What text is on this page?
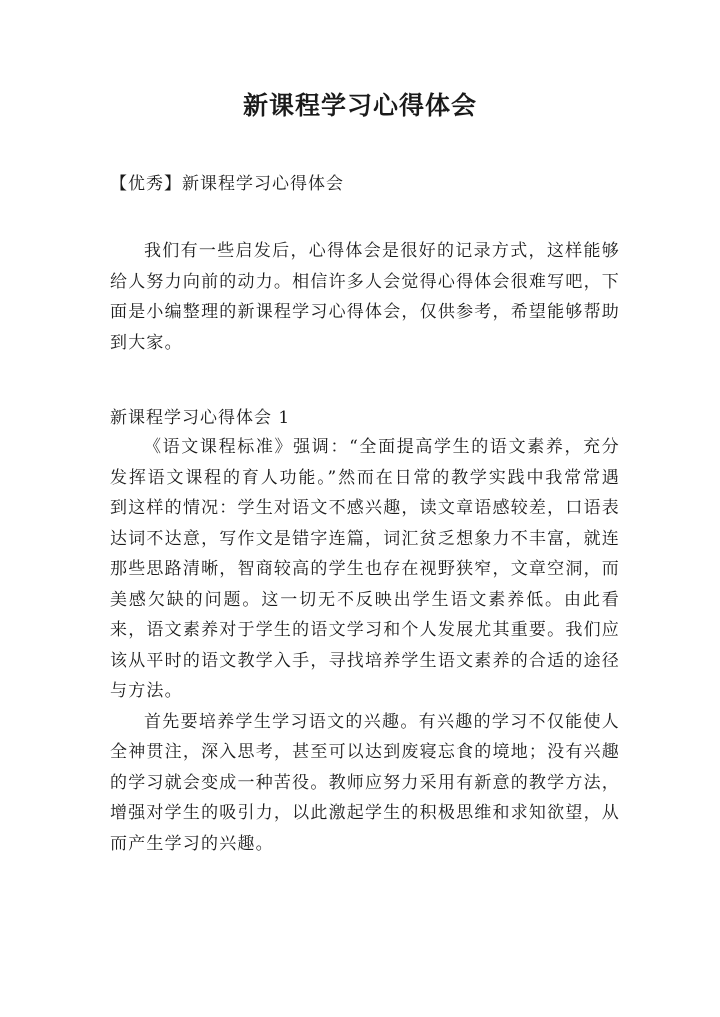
新课程学习心得体会
【优秀】新课程学习心得体会

我们有一些启发后，心得体会是很好的记录方式，这样能够给人努力向前的动力。相信许多人会觉得心得体会很难写吧，下面是小编整理的新课程学习心得体会，仅供参考，希望能够帮助到大家。

新课程学习心得体会 1

《语文课程标准》强调：“全面提高学生的语文素养，充分发挥语文课程的育人功能。”然而在日常的教学实践中我常常遇到这样的情况：学生对语文不感兴趣，读文章语感较差，口语表达词不达意，写作文是错字连篇，词汇贫乏想象力不丰富，就连那些思路清晰，智商较高的学生也存在视野狭窄，文章空洞，而美感欠缺的问题。这一切无不反映出学生语文素养低。由此看来，语文素养对于学生的语文学习和个人发展尤其重要。我们应该从平时的语文教学入手，寻找培养学生语文素养的合适的途径与方法。

首先要培养学生学习语文的兴趣。有兴趣的学习不仅能使人全神贯注，深入思考，甚至可以达到废寝忘食的境地；没有兴趣的学习就会变成一种苦役。教师应努力采用有新意的教学方法，增强对学生的吸引力，以此激起学生的积极思维和求知欲望，从而产生学习的兴趣。
